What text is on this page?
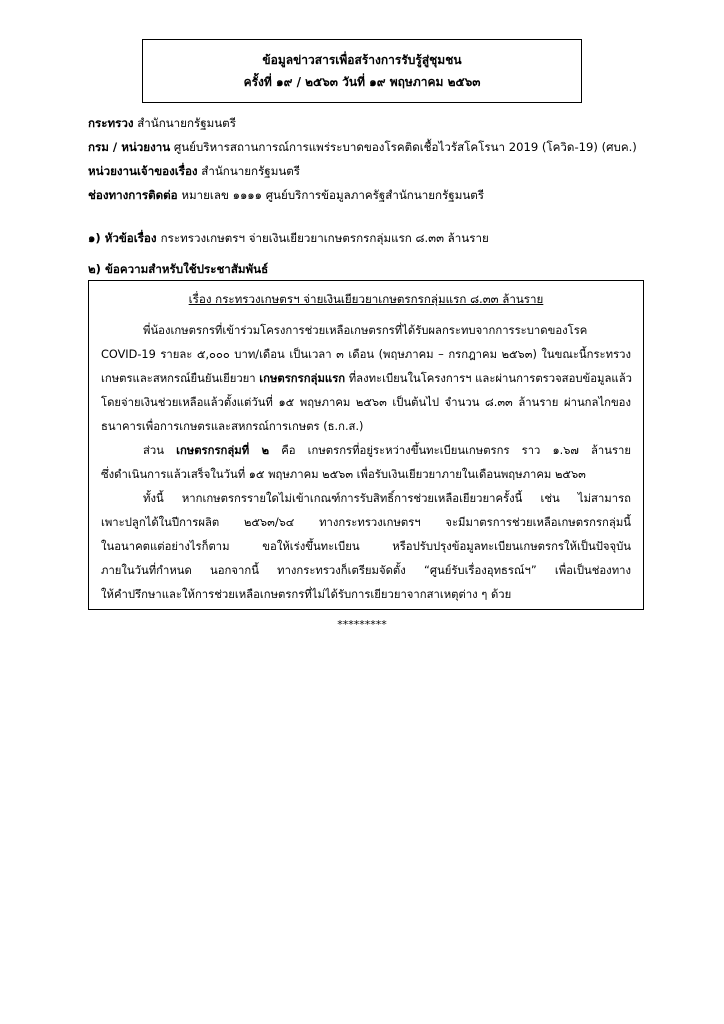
ข้อมูลข่าวสารเพื่อสร้างการรับรู้สู่ชุมชน
ครั้งที่ ๑๙ / ๒๕๖๓ วันที่ ๑๙ พฤษภาคม ๒๕๖๓
กระทรวง สำนักนายกรัฐมนตรี
กรม / หน่วยงาน ศูนย์บริหารสถานการณ์การแพร่ระบาดของโรคติดเชื้อไวรัสโคโรนา 2019 (โควิด-19) (ศบค.)
หน่วยงานเจ้าของเรื่อง สำนักนายกรัฐมนตรี
ช่องทางการติดต่อ หมายเลข ๑๑๑๑ ศูนย์บริการข้อมูลภาครัฐสำนักนายกรัฐมนตรี
๑) หัวข้อเรื่อง กระทรวงเกษตรฯ จ่ายเงินเยียวยาเกษตรกรกลุ่มแรก ๘.๓๓ ล้านราย
๒) ข้อความสำหรับใช้ประชาสัมพันธ์
เรื่อง กระทรวงเกษตรฯ จ่ายเงินเยียวยาเกษตรกรกลุ่มแรก ๘.๓๓ ล้านราย
พี่น้องเกษตรกรที่เข้าร่วมโครงการช่วยเหลือเกษตรกรที่ได้รับผลกระทบจากการระบาดของโรค
COVID-19 รายละ ๕,๐๐๐ บาท/เดือน เป็นเวลา ๓ เดือน (พฤษภาคม – กรกฎาคม ๒๕๖๓) ในขณะนี้กระทรวง
เกษตรและสหกรณ์ยืนยันเยียวยา เกษตรกรกลุ่มแรก ที่ลงทะเบียนในโครงการฯ และผ่านการตรวจสอบข้อมูลแล้ว
โดยจ่ายเงินช่วยเหลือแล้วตั้งแต่วันที่ ๑๕ พฤษภาคม ๒๕๖๓ เป็นต้นไป จำนวน ๘.๓๓ ล้านราย ผ่านกลไกของ
ธนาคารเพื่อการเกษตรและสหกรณ์การเกษตร (ธ.ก.ส.)
ส่วน เกษตรกรกลุ่มที่ ๒ คือ เกษตรกรที่อยู่ระหว่างขึ้นทะเบียนเกษตรกร ราว ๑.๖๗ ล้านราย
ซึ่งดำเนินการแล้วเสร็จในวันที่ ๑๕ พฤษภาคม ๒๕๖๓ เพื่อรับเงินเยียวยาภายในเดือนพฤษภาคม ๒๕๖๓
ทั้งนี้ หากเกษตรกรรายใดไม่เข้าเกณฑ์การรับสิทธิ์การช่วยเหลือเยียวยาครั้งนี้ เช่น ไม่สามารถ
เพาะปลูกได้ในปีการผลิต ๒๕๖๓/๖๔ ทางกระทรวงเกษตรฯ จะมีมาตรการช่วยเหลือเกษตรกรกลุ่มนี้
ในอนาคตแต่อย่างไรก็ตาม ขอให้เร่งขึ้นทะเบียน หรือปรับปรุงข้อมูลทะเบียนเกษตรกรให้เป็นปัจจุบัน
ภายในวันที่กำหนด นอกจากนี้ ทางกระทรวงก็เตรียมจัดตั้ง “ศูนย์รับเรื่องอุทธรณ์ฯ” เพื่อเป็นช่องทาง
ให้คำปรึกษาและให้การช่วยเหลือเกษตรกรที่ไม่ได้รับการเยียวยาจากสาเหตุต่าง ๆ ด้วย
*********
